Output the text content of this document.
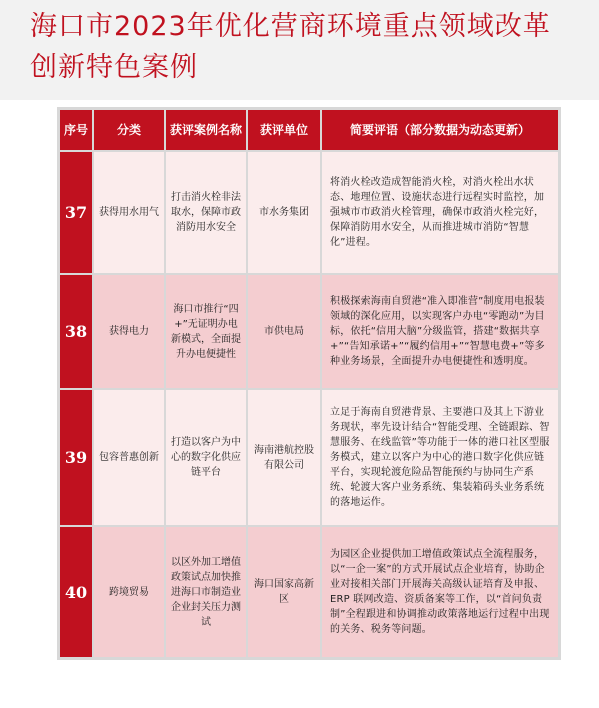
海口市2023年优化营商环境重点领域改革创新特色案例
序号	分类	获评案例名称	获评单位	简要评语（部分数据为动态更新）
37	获得用水用气	打击消火栓非法取水，保障市政消防用水安全	市水务集团	将消火栓改造成智能消火栓，对消火栓出水状态、地理位置、设施状态进行远程实时监控，加强城市市政消火栓管理，确保市政消火栓完好，保障消防用水安全，从而推进城市消防“智慧化”进程。
38	获得电力	海口市推行“四+”无证明办电新模式，全面提升办电便捷性	市供电局	积极探索海南自贸港“准入即准营”制度用电报装领域的深化应用，以实现客户办电“零跑动”为目标，依托“信用大脑”分级监管，搭建“数据共享+”“告知承诺+”“履约信用+”“智慧电费+”等多种业务场景，全面提升办电便捷性和透明度。
39	包容普惠创新	打造以客户为中心的数字化供应链平台	海南港航控股有限公司	立足于海南自贸港背景、主要港口及其上下游业务现状，率先设计结合“智能受理、全链跟踪、智慧服务、在线监管”等功能于一体的港口社区型服务模式，建立以客户为中心的港口数字化供应链平台，实现轮渡危险品智能预约与协同生产系统、轮渡大客户业务系统、集装箱码头业务系统的落地运作。
40	跨境贸易	以区外加工增值政策试点加快推进海口市制造业企业封关压力测试	海口国家高新区	为园区企业提供加工增值政策试点全流程服务，以“一企一案”的方式开展试点企业培育，协助企业对接相关部门开展海关高级认证培育及申报、ERP 联网改造、资质备案等工作，以“首问负责制”全程跟进和协调推动政策落地运行过程中出现的关务、税务等问题。
